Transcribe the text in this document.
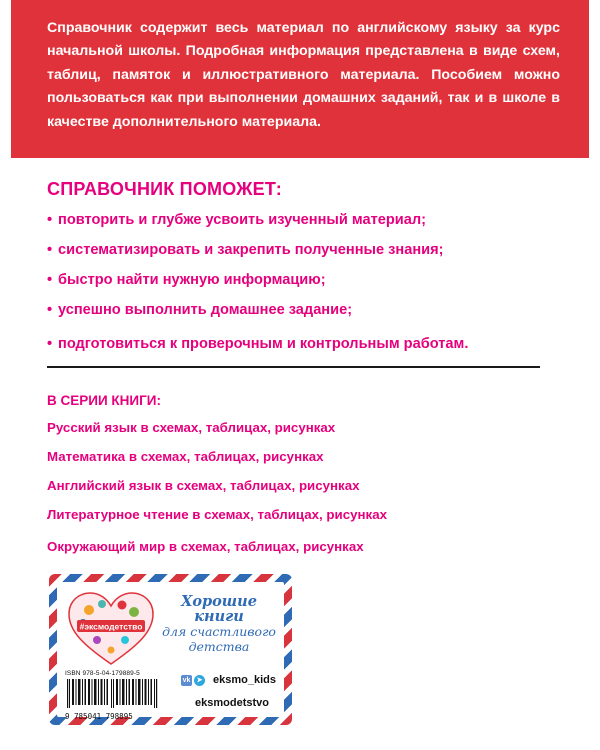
Справочник содержит весь материал по английскому языку за курс начальной школы. Подробная информация представлена в виде схем, таблиц, памяток и иллюстративного материала. Пособием можно пользоваться как при выполнении домашних заданий, так и в школе в качестве дополнительного материала.

СПРАВОЧНИК ПОМОЖЕТ:
• повторить и глубже усвоить изученный материал;
• систематизировать и закрепить полученные знания;
• быстро найти нужную информацию;
• успешно выполнить домашнее задание;
• подготовиться к проверочным и контрольным работам.
В СЕРИИ КНИГИ:
Русский язык в схемах, таблицах, рисунках
Математика в схемах, таблицах, рисунках
Английский язык в схемах, таблицах, рисунках
Литературное чтение в схемах, таблицах, рисунках
Окружающий мир в схемах, таблицах, рисунках
#эксмодетство
Хорошие
книги
для счастливого
детства
ISBN 978-5-04-179889-5
9 785041 798895
vk ➤ eksmo_kids
eksmodetstvo
